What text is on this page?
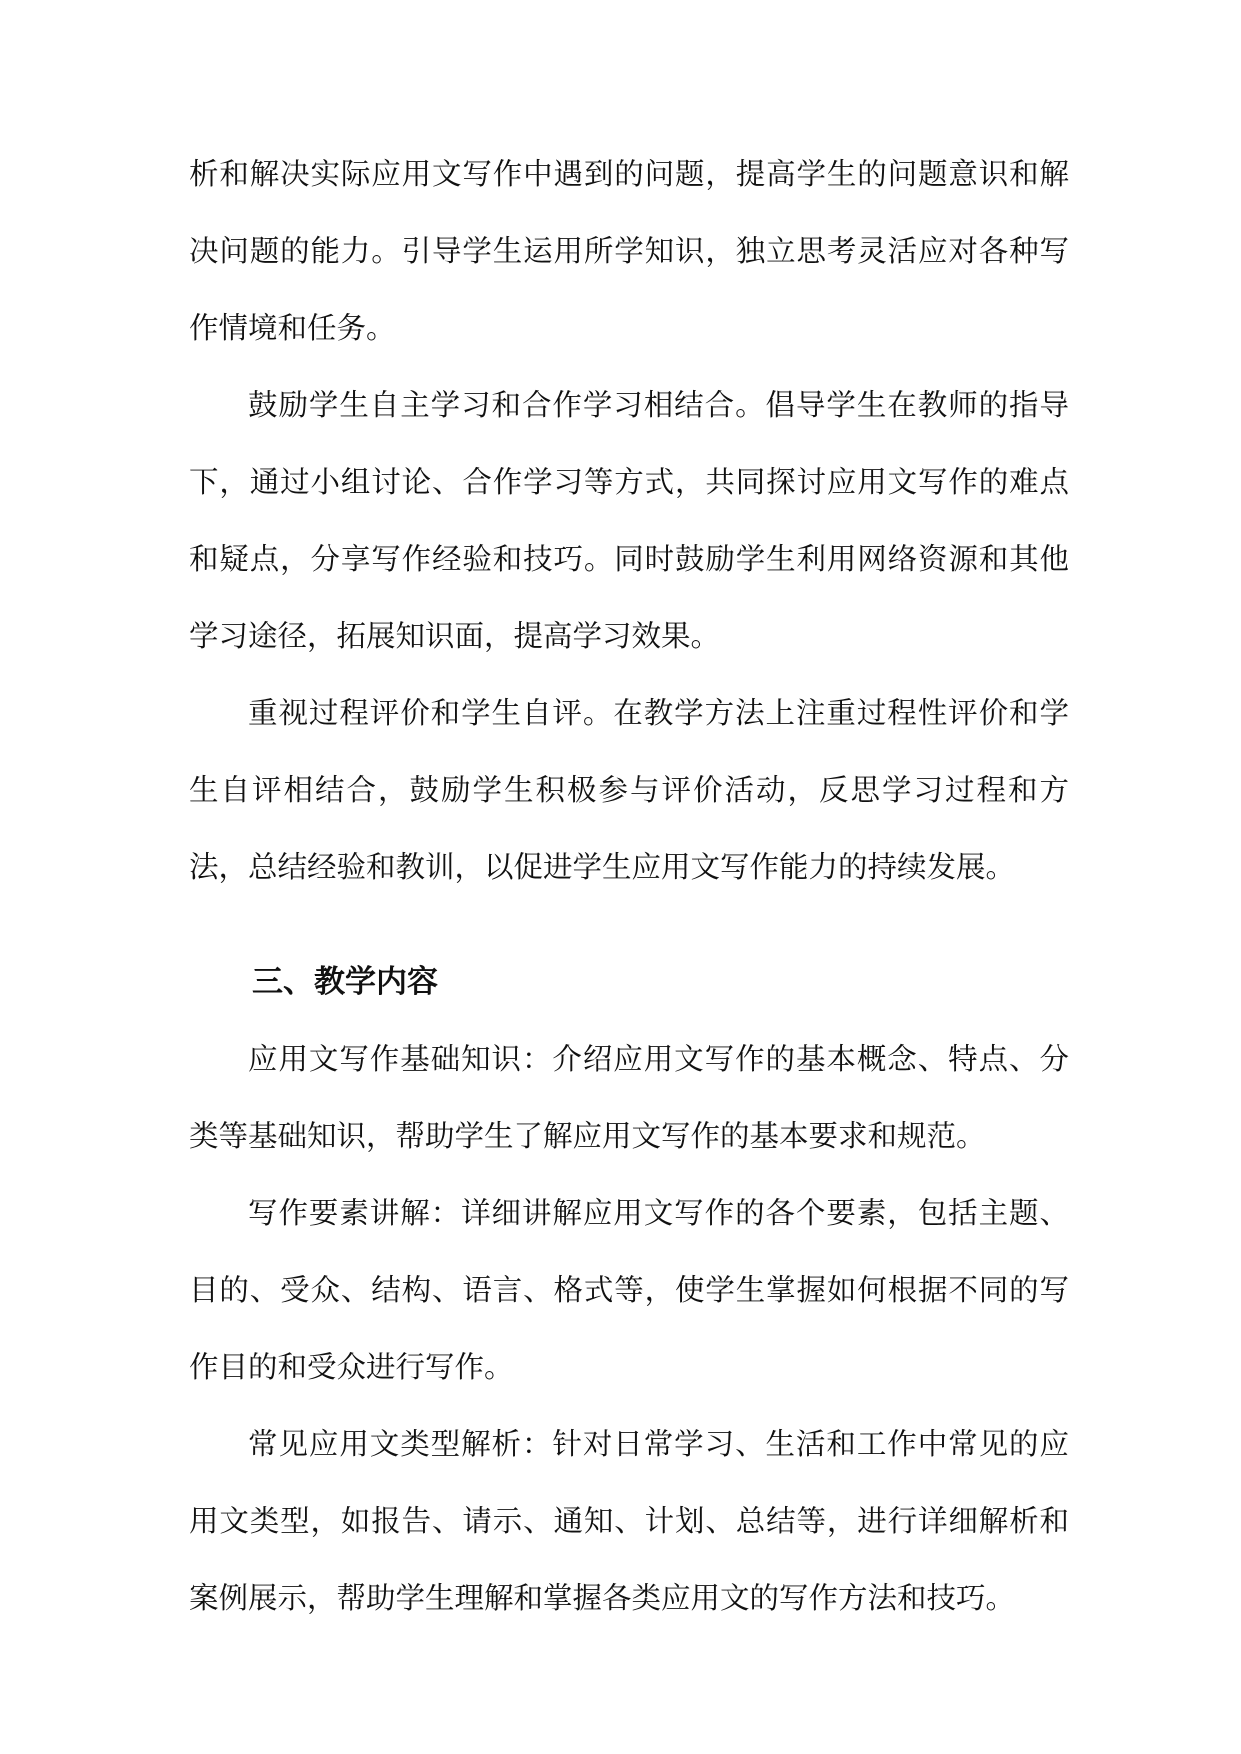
析和解决实际应用文写作中遇到的问题，提高学生的问题意识和解决问题的能力。引导学生运用所学知识，独立思考灵活应对各种写作情境和任务。

鼓励学生自主学习和合作学习相结合。倡导学生在教师的指导下，通过小组讨论、合作学习等方式，共同探讨应用文写作的难点和疑点，分享写作经验和技巧。同时鼓励学生利用网络资源和其他学习途径，拓展知识面，提高学习效果。

重视过程评价和学生自评。在教学方法上注重过程性评价和学生自评相结合，鼓励学生积极参与评价活动，反思学习过程和方法，总结经验和教训，以促进学生应用文写作能力的持续发展。

三、教学内容

应用文写作基础知识：介绍应用文写作的基本概念、特点、分类等基础知识，帮助学生了解应用文写作的基本要求和规范。

写作要素讲解：详细讲解应用文写作的各个要素，包括主题、目的、受众、结构、语言、格式等，使学生掌握如何根据不同的写作目的和受众进行写作。

常见应用文类型解析：针对日常学习、生活和工作中常见的应用文类型，如报告、请示、通知、计划、总结等，进行详细解析和案例展示，帮助学生理解和掌握各类应用文的写作方法和技巧。
